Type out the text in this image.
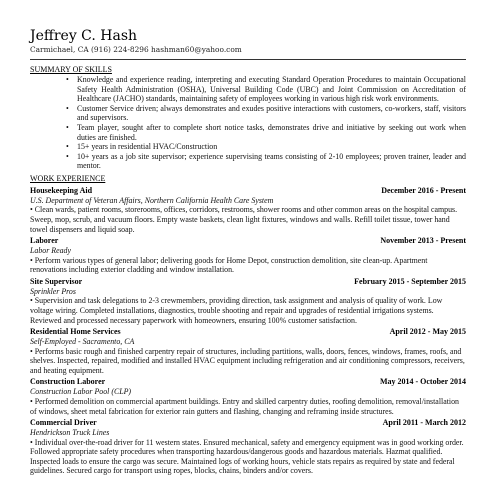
Jeffrey C. Hash
Carmichael, CA (916) 224-8296 hashman60@yahoo.com
SUMMARY OF SKILLS
• Knowledge and experience reading, interpreting and executing Standard Operation Procedures to maintain Occupational Safety Health Administration (OSHA), Universal Building Code (UBC) and Joint Commission on Accreditation of Healthcare (JACHO) standards, maintaining safety of employees working in various high risk work environments.
• Customer Service driven; always demonstrates and exudes positive interactions with customers, co-workers, staff, visitors and supervisors.
• Team player, sought after to complete short notice tasks, demonstrates drive and initiative by seeking out work when duties are finished.
• 15+ years in residential HVAC/Construction
• 10+ years as a job site supervisor; experience supervising teams consisting of 2-10 employees; proven trainer, leader and mentor.
WORK EXPERIENCE
Housekeeping Aid	December 2016 - Present
U.S. Department of Veteran Affairs, Northern California Health Care System
• Clean wards, patient rooms, storerooms, offices, corridors, restrooms, shower rooms and other common areas on the hospital campus. Sweep, mop, scrub, and vacuum floors. Empty waste baskets, clean light fixtures, windows and walls. Refill toilet tissue, tower hand towel dispensers and liquid soap.
Laborer	November 2013 - Present
Labor Ready
• Perform various types of general labor; delivering goods for Home Depot, construction demolition, site clean-up. Apartment renovations including exterior cladding and window installation.
Site Supervisor	February 2015 - September 2015
Sprinkler Pros
• Supervision and task delegations to 2-3 crewmembers, providing direction, task assignment and analysis of quality of work. Low voltage wiring. Completed installations, diagnostics, trouble shooting and repair and upgrades of residential irrigations systems. Reviewed and processed necessary paperwork with homeowners, ensuring 100% customer satisfaction.
Residential Home Services	April 2012 - May 2015
Self-Employed - Sacramento, CA
• Performs basic rough and finished carpentry repair of structures, including partitions, walls, doors, fences, windows, frames, roofs, and shelves. Inspected, repaired, modified and installed HVAC equipment including refrigeration and air conditioning compressors, receivers, and heating equipment.
Construction Laborer	May 2014 - October 2014
Construction Labor Pool (CLP)
• Performed demolition on commercial apartment buildings. Entry and skilled carpentry duties, roofing demolition, removal/installation of windows, sheet metal fabrication for exterior rain gutters and flashing, changing and reframing inside structures.
Commercial Driver	April 2011 - March 2012
Hendrickson Truck Lines
• Individual over-the-road driver for 11 western states. Ensured mechanical, safety and emergency equipment was in good working order. Followed appropriate safety procedures when transporting hazardous/dangerous goods and hazardous materials. Hazmat qualified. Inspected loads to ensure the cargo was secure. Maintained logs of working hours, vehicle stats repairs as required by state and federal guidelines. Secured cargo for transport using ropes, blocks, chains, binders and/or covers.
